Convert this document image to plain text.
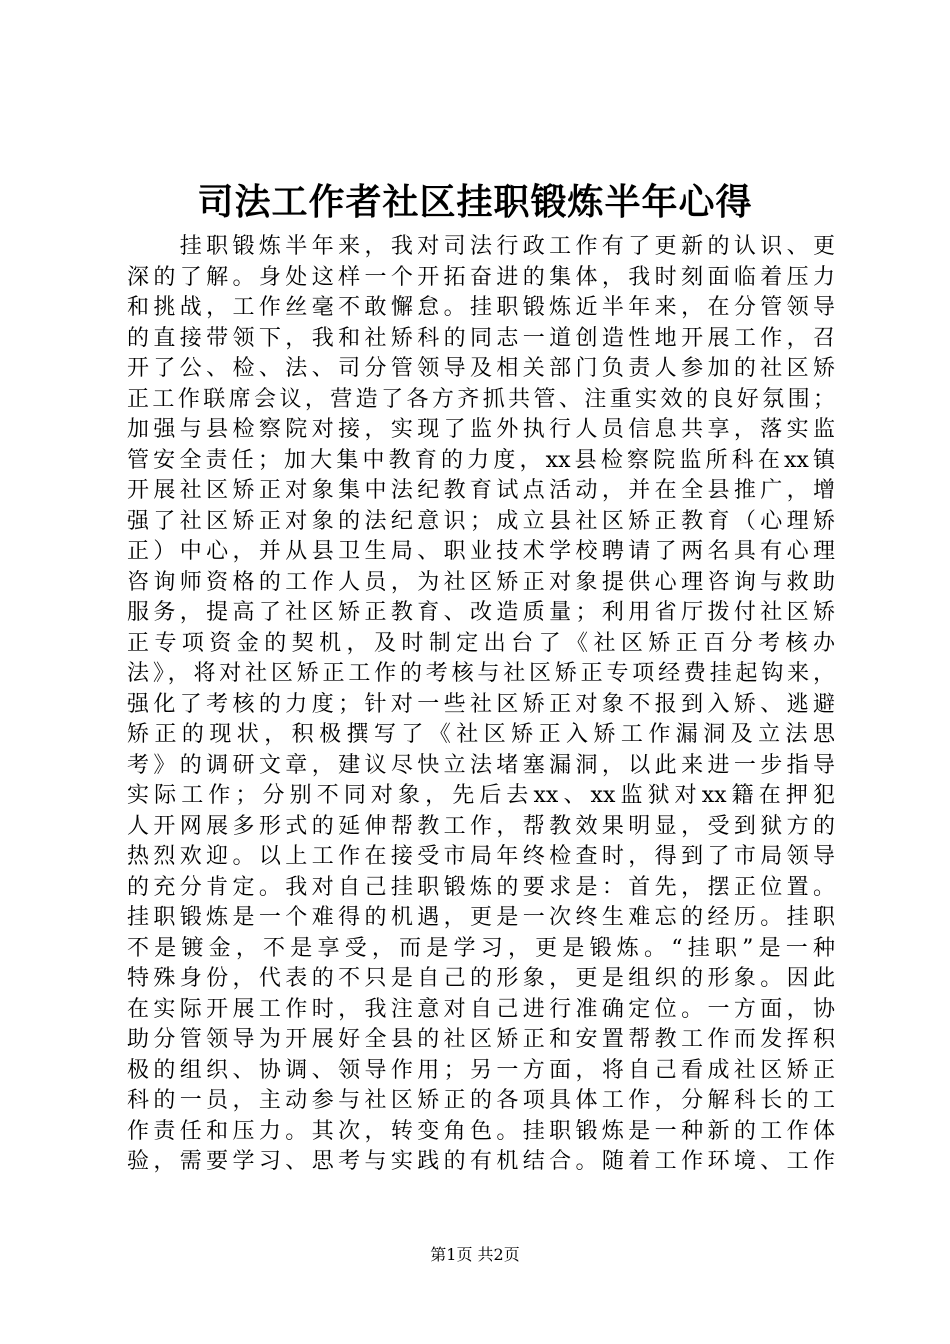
司法工作者社区挂职锻炼半年心得
　　挂职锻炼半年来，我对司法行政工作有了更新的认识、更
深的了解。身处这样一个开拓奋进的集体，我时刻面临着压力
和挑战，工作丝毫不敢懈怠。挂职锻炼近半年来，在分管领导
的直接带领下，我和社矫科的同志一道创造性地开展工作，召
开了公、检、法、司分管领导及相关部门负责人参加的社区矫
正工作联席会议，营造了各方齐抓共管、注重实效的良好氛围；
加强与县检察院对接，实现了监外执行人员信息共享，落实监
管安全责任；加大集中教育的力度，xx县检察院监所科在xx镇
开展社区矫正对象集中法纪教育试点活动，并在全县推广，增
强了社区矫正对象的法纪意识；成立县社区矫正教育（心理矫
正）中心，并从县卫生局、职业技术学校聘请了两名具有心理
咨询师资格的工作人员，为社区矫正对象提供心理咨询与救助
服务，提高了社区矫正教育、改造质量；利用省厅拨付社区矫
正专项资金的契机，及时制定出台了《社区矫正百分考核办
法》，将对社区矫正工作的考核与社区矫正专项经费挂起钩来，
强化了考核的力度；针对一些社区矫正对象不报到入矫、逃避
矫正的现状，积极撰写了《社区矫正入矫工作漏洞及立法思
考》的调研文章，建议尽快立法堵塞漏洞，以此来进一步指导
实际工作；分别不同对象，先后去xx、xx监狱对xx籍在押犯
人开网展多形式的延伸帮教工作，帮教效果明显，受到狱方的
热烈欢迎。以上工作在接受市局年终检查时，得到了市局领导
的充分肯定。我对自己挂职锻炼的要求是：首先，摆正位置。
挂职锻炼是一个难得的机遇，更是一次终生难忘的经历。挂职
不是镀金，不是享受，而是学习，更是锻炼。“挂职”是一种
特殊身份，代表的不只是自己的形象，更是组织的形象。因此
在实际开展工作时，我注意对自己进行准确定位。一方面，协
助分管领导为开展好全县的社区矫正和安置帮教工作而发挥积
极的组织、协调、领导作用；另一方面，将自己看成社区矫正
科的一员，主动参与社区矫正的各项具体工作，分解科长的工
作责任和压力。其次，转变角色。挂职锻炼是一种新的工作体
验，需要学习、思考与实践的有机结合。随着工作环境、工作
第1页 共2页
